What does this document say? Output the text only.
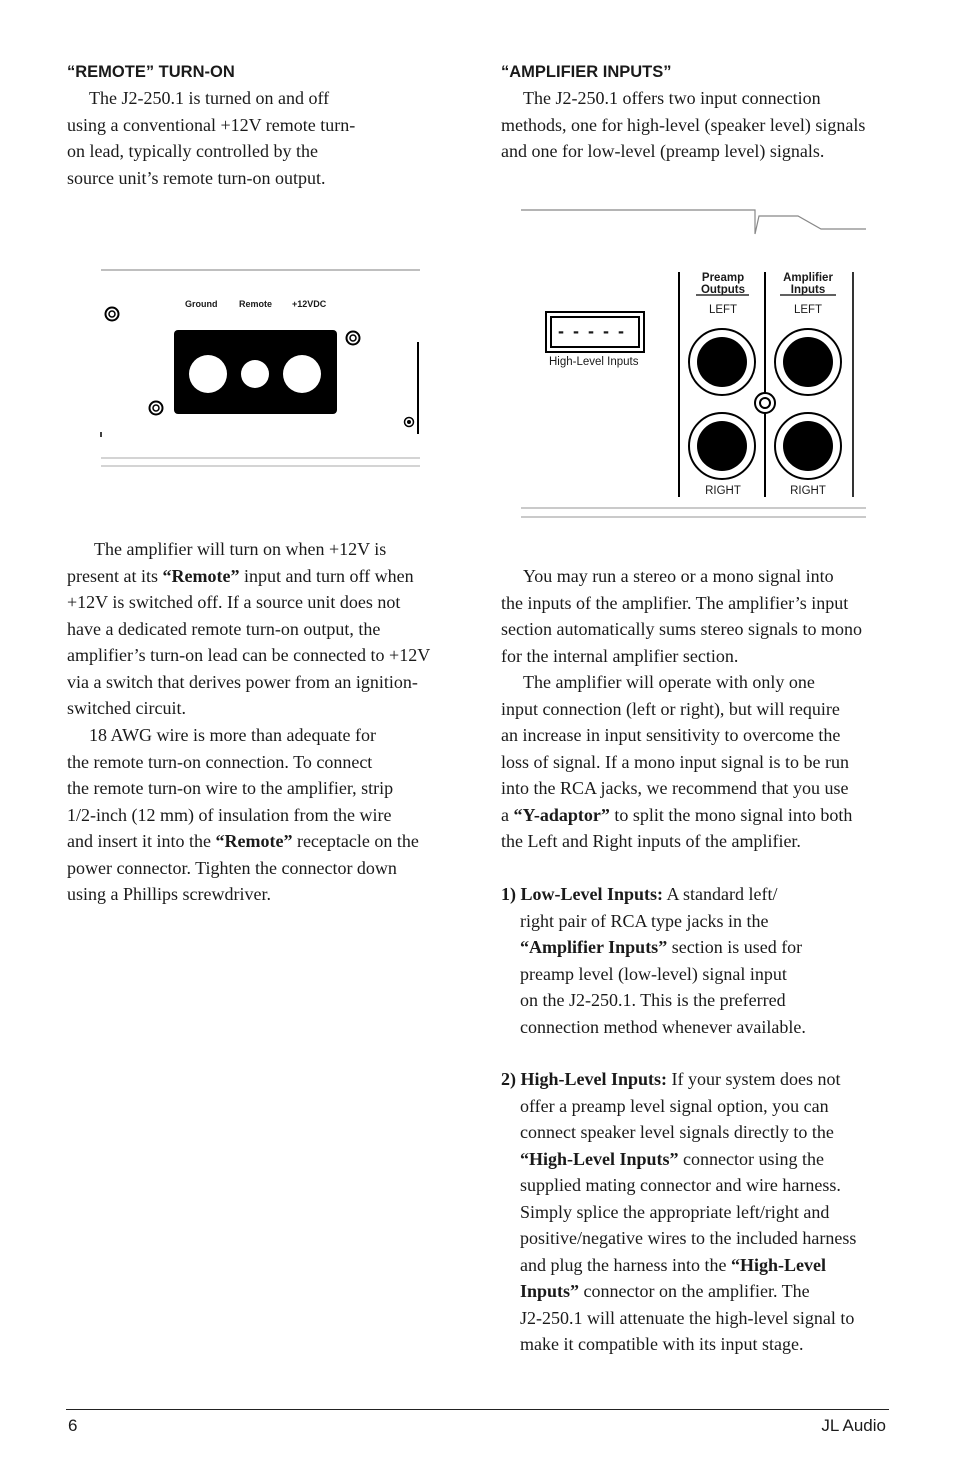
“REMOTE” TURN-ON
The J2-250.1 is turned on and off
using a conventional +12V remote turn-
on lead, typically controlled by the
source unit’s remote turn-on output.
Ground Remote +12VDC
The amplifier will turn on when +12V is
present at its “Remote” input and turn off when
+12V is switched off. If a source unit does not
have a dedicated remote turn-on output, the
amplifier’s turn-on lead can be connected to +12V
via a switch that derives power from an ignition-
switched circuit.
18 AWG wire is more than adequate for
the remote turn-on connection. To connect
the remote turn-on wire to the amplifier, strip
1/2-inch (12 mm) of insulation from the wire
and insert it into the “Remote” receptacle on the
power connector. Tighten the connector down
using a Phillips screwdriver.
“AMPLIFIER INPUTS”
The J2-250.1 offers two input connection
methods, one for high-level (speaker level) signals
and one for low-level (preamp level) signals.
- - - - -
High-Level Inputs
Preamp
Outputs
Amplifier
Inputs
LEFT	LEFT
RIGHT	RIGHT
You may run a stereo or a mono signal into
the inputs of the amplifier. The amplifier’s input
section automatically sums stereo signals to mono
for the internal amplifier section.
The amplifier will operate with only one
input connection (left or right), but will require
an increase in input sensitivity to overcome the
loss of signal. If a mono input signal is to be run
into the RCA jacks, we recommend that you use
a “Y-adaptor” to split the mono signal into both
the Left and Right inputs of the amplifier.
1) Low-Level Inputs: A standard left/
right pair of RCA type jacks in the
“Amplifier Inputs” section is used for
preamp level (low-level) signal input
on the J2-250.1. This is the preferred
connection method whenever available.
2) High-Level Inputs: If your system does not
offer a preamp level signal option, you can
connect speaker level signals directly to the
“High-Level Inputs” connector using the
supplied mating connector and wire harness.
Simply splice the appropriate left/right and
positive/negative wires to the included harness
and plug the harness into the “High-Level
Inputs” connector on the amplifier. The
J2-250.1 will attenuate the high-level signal to
make it compatible with its input stage.
6	JL Audio
